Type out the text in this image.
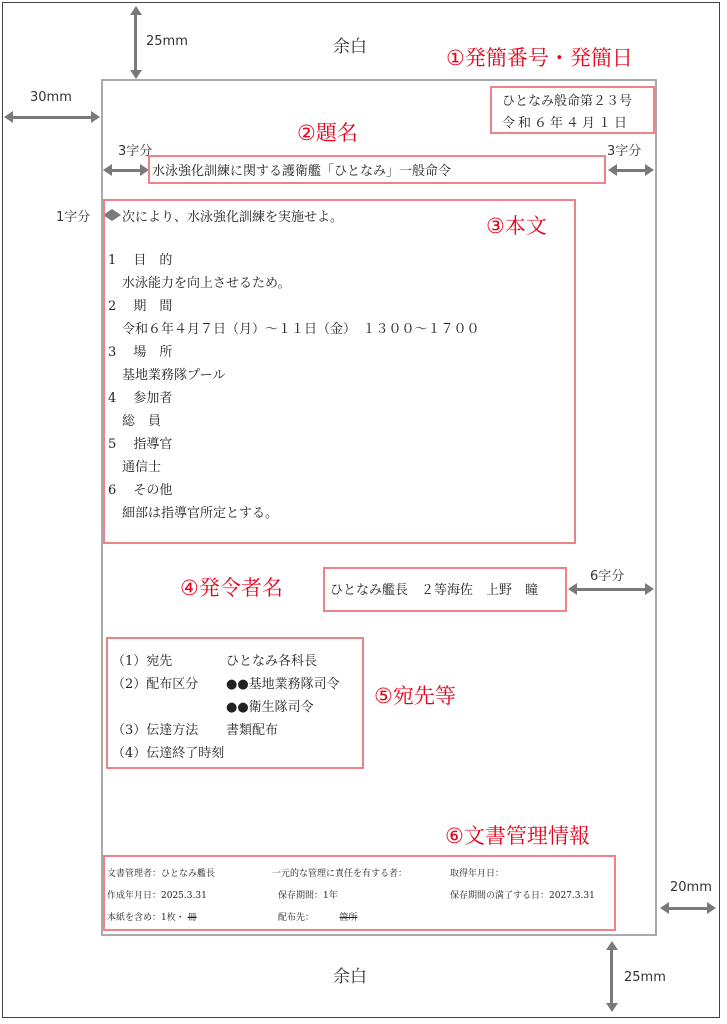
25mm	余白
30mm
①発簡番号・発簡日
ひとなみ般命第２３号
令和６年４月１日
②題名
3字分
水泳強化訓練に関する護衛艦「ひとなみ」一般命令
3字分
1字分	③本文
次により、水泳強化訓練を実施せよ。
1　 目　的
水泳能力を向上させるため。
2　 期　間
令和６年４月７日（月）～１１日（金）　１３００～１７００
3　 場　所
基地業務隊プール
4　 参加者
総　員
5　 指導官
通信士
6　 その他
細部は指導官所定とする。
④発令者名	ひとなみ艦長　２等海佐　上野　瞳
6字分
⑤宛先等
（1）宛先	ひとなみ各科長
（2）配布区分 ●●基地業務隊司令
●●衛生隊司令
（3）伝達方法 書類配布
（4）伝達終了時刻
⑥文書管理情報
文書管理者：ひとなみ艦長	一元的な管理に責任を有する者：	取得年月日：
作成年月日：2025.3.31	保存期間：1年	保存期間の満了する日：2027.3.31
本紙を含め：1枚・ 冊	配布先：　　　	箇所
20mm
余白	25mm
